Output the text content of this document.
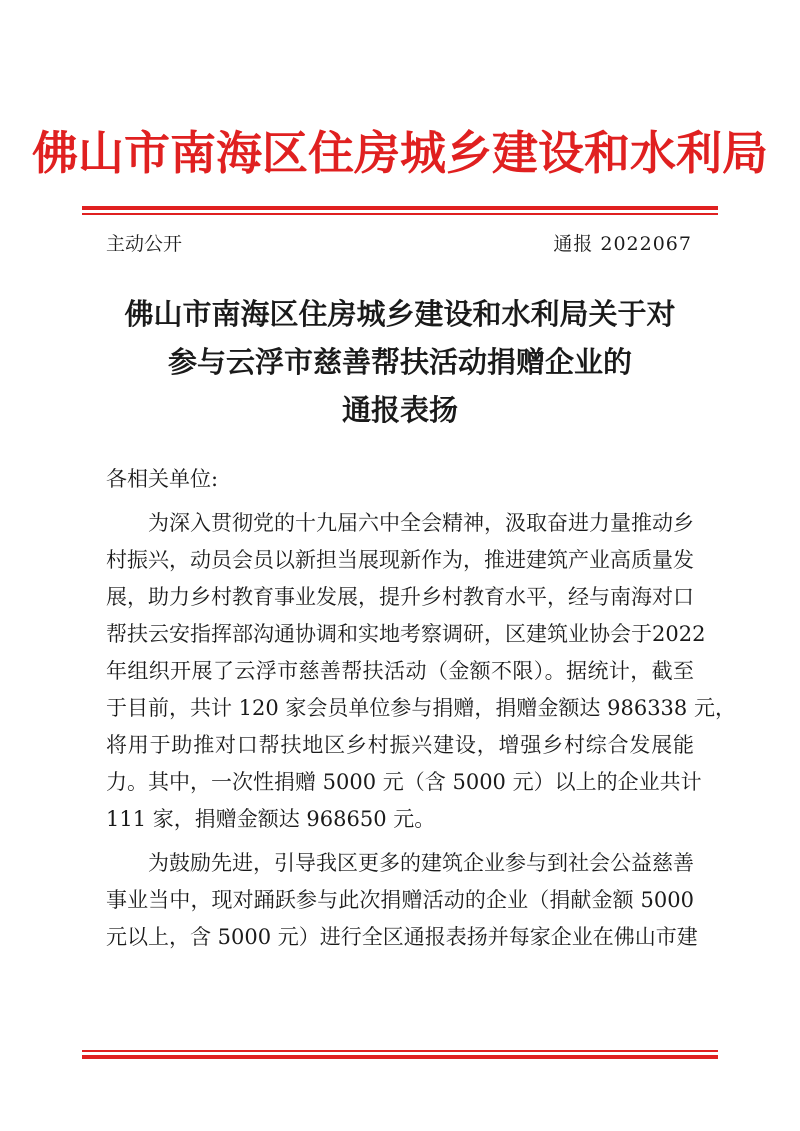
佛山市南海区住房城乡建设和水利局
主动公开	通报 2022067
佛山市南海区住房城乡建设和水利局关于对
参与云浮市慈善帮扶活动捐赠企业的
通报表扬
各相关单位:
为深入贯彻党的十九届六中全会精神，汲取奋进力量推动乡
村振兴，动员会员以新担当展现新作为，推进建筑产业高质量发
展，助力乡村教育事业发展，提升乡村教育水平，经与南海对口
帮扶云安指挥部沟通协调和实地考察调研，区建筑业协会于2022
年组织开展了云浮市慈善帮扶活动（金额不限）。据统计，截至
于目前，共计 120 家会员单位参与捐赠，捐赠金额达 986338 元，
将用于助推对口帮扶地区乡村振兴建设，增强乡村综合发展能
力。其中，一次性捐赠 5000 元（含 5000 元）以上的企业共计
111 家，捐赠金额达 968650 元。
为鼓励先进，引导我区更多的建筑企业参与到社会公益慈善
事业当中，现对踊跃参与此次捐赠活动的企业（捐献金额 5000
元以上，含 5000 元）进行全区通报表扬并每家企业在佛山市建
